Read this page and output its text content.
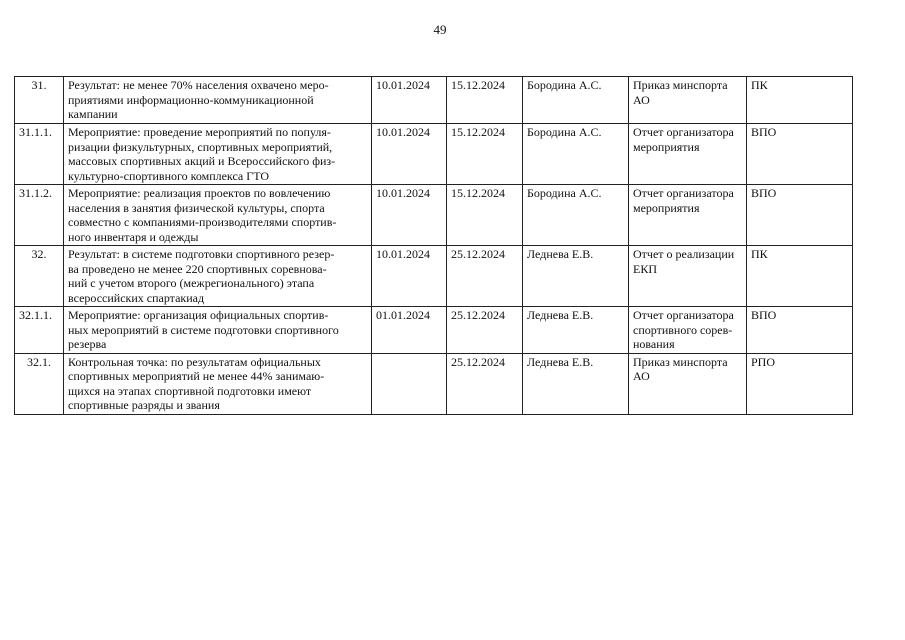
49
31.	Результат: не менее 70% населения охвачено меро-
приятиями информационно-коммуникационной
кампании	10.01.2024	15.12.2024	Бородина А.С.	Приказ минспорта
АО	ПК
31.1.1.	Мероприятие: проведение мероприятий по популя-
ризации физкультурных, спортивных мероприятий,
массовых спортивных акций и Всероссийского физ-
культурно-спортивного комплекса ГТО	10.01.2024	15.12.2024	Бородина А.С.	Отчет организатора
мероприятия	ВПО
31.1.2.	Мероприятие: реализация проектов по вовлечению
населения в занятия физической культуры, спорта
совместно с компаниями-производителями спортив-
ного инвентаря и одежды	10.01.2024	15.12.2024	Бородина А.С.	Отчет организатора
мероприятия	ВПО
32.	Результат: в системе подготовки спортивного резер-
ва проведено не менее 220 спортивных соревнова-
ний с учетом второго (межрегионального) этапа
всероссийских спартакиад	10.01.2024	25.12.2024	Леднева Е.В.	Отчет о реализации
ЕКП	ПК
32.1.1.	Мероприятие: организация официальных спортив-
ных мероприятий в системе подготовки спортивного
резерва	01.01.2024	25.12.2024	Леднева Е.В.	Отчет организатора
спортивного сорев-
нования	ВПО
32.1.	Контрольная точка: по результатам официальных
спортивных мероприятий не менее 44% занимаю-
щихся на этапах спортивной подготовки имеют
спортивные разряды и звания		25.12.2024	Леднева Е.В.	Приказ минспорта
АО	РПО
